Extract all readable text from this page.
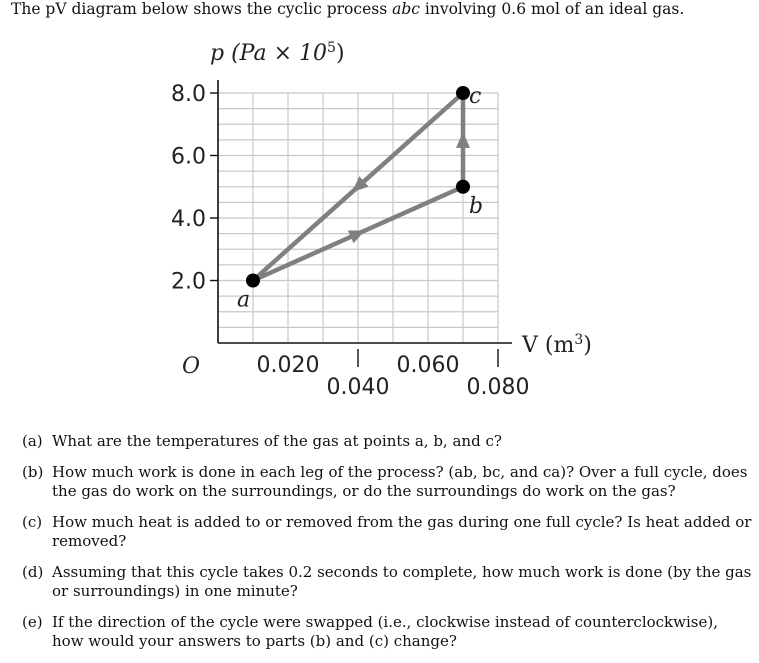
The pV diagram below shows the cyclic process abc involving 0.6 mol of an ideal gas.
2.0
4.0
6.0
8.0
0.020
0.040
0.060
0.080
a
b
c
p $(Pa \times 10^5)$
V $(m^3)$
O
(a) What are the temperatures of the gas at points a, b, and c?
(b) How much work is done in each leg of the process? (ab, bc, and ca)? Over a full cycle, does the gas do work on the surroundings, or do the surroundings do work on the gas?
(c) How much heat is added to or removed from the gas during one full cycle? Is heat added or removed?
(d) Assuming that this cycle takes 0.2 seconds to complete, how much work is done (by the gas or surroundings) in one minute?
(e) If the direction of the cycle were swapped (i.e., clockwise instead of counterclockwise), how would your answers to parts (b) and (c) change?
